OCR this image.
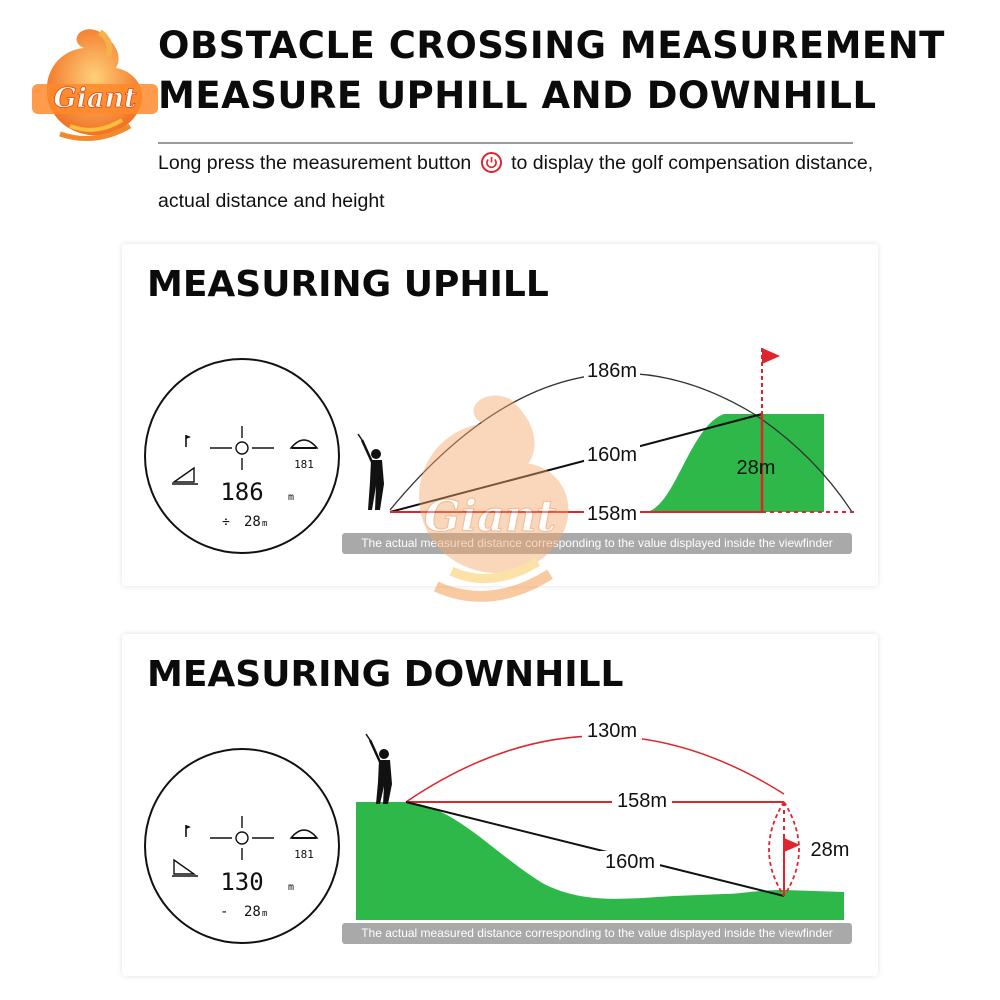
Giant
OBSTACLE CROSSING MEASUREMENT
MEASURE UPHILL AND DOWNHILL
Long press the measurement button to display the golf compensation distance,
actual distance and height
MEASURING UPHILL
181
186 m
÷ 28 m
186m
160m
158m
28m
The actual measured distance corresponding to the value displayed inside the viewfinder
MEASURING DOWNHILL
181
130 m
- 28 m
130m
158m
160m
28m
The actual measured distance corresponding to the value displayed inside the viewfinder
Giant
